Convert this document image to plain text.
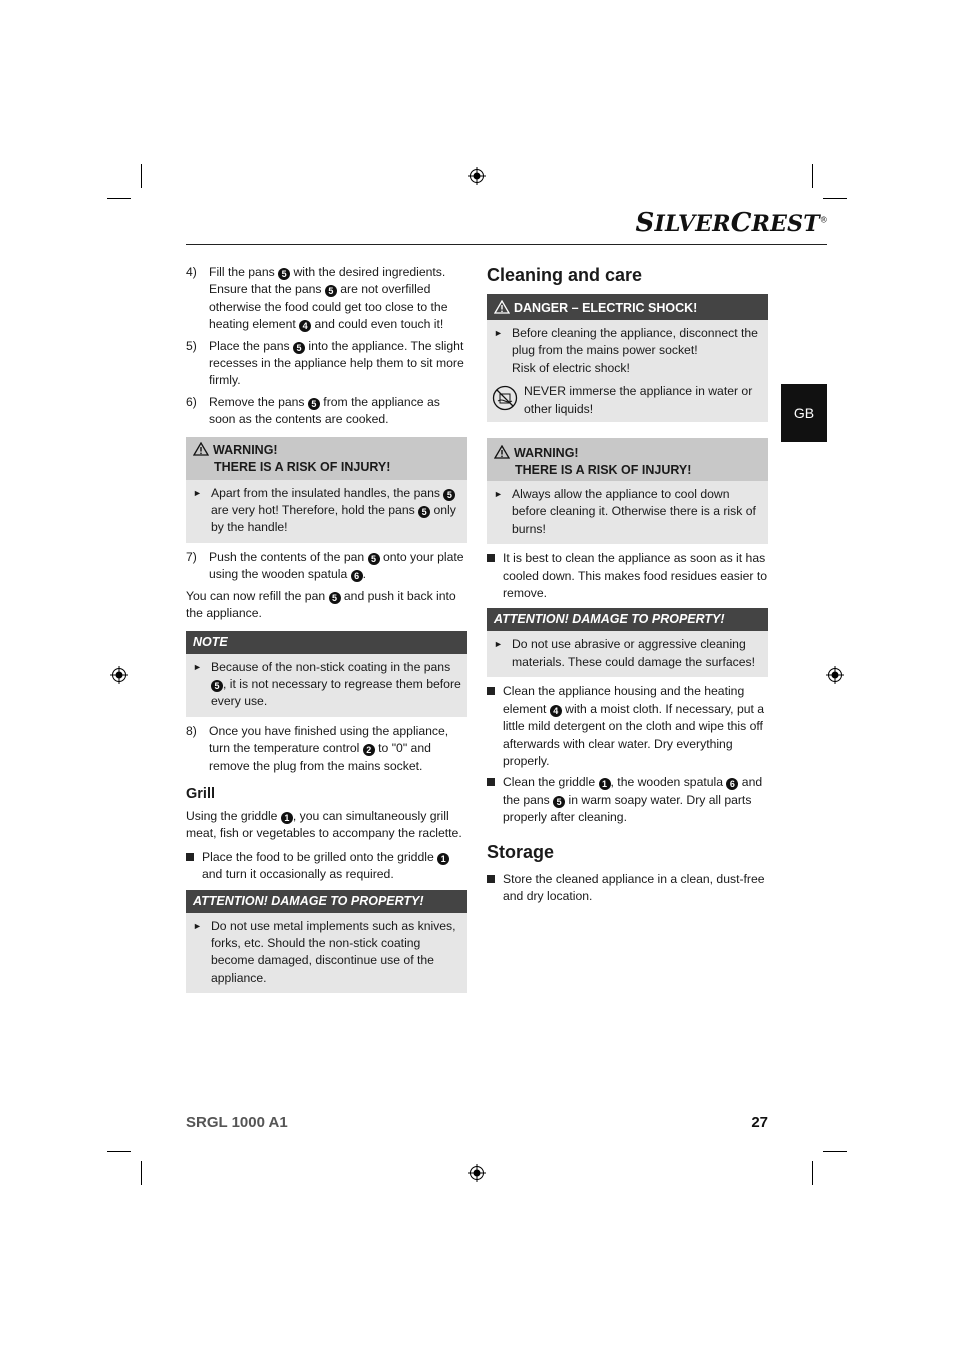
SILVERCREST®
GB
4) Fill the pans 5 with the desired ingredients. Ensure that the pans 5 are not overfilled otherwise the food could get too close to the heating element 4 and could even touch it!
5) Place the pans 5 into the appliance. The slight recesses in the appliance help them to sit more firmly.
6) Remove the pans 5 from the appliance as soon as the contents are cooked.
WARNING!
THERE IS A RISK OF INJURY!
► Apart from the insulated handles, the pans 5 are very hot! Therefore, hold the pans 5 only by the handle!
7) Push the contents of the pan 5 onto your plate using the wooden spatula 6 .
You can now refill the pan 5 and push it back into the appliance.
NOTE
► Because of the non-stick coating in the pans 5 , it is not necessary to regrease them before every use.
8) Once you have finished using the appliance, turn the temperature control 2 to "0" and remove the plug from the mains socket.
Grill
Using the griddle 1 , you can simultaneously grill meat, fish or vegetables to accompany the raclette.
Place the food to be grilled onto the griddle 1 and turn it occasionally as required.
ATTENTION! DAMAGE TO PROPERTY!
► Do not use metal implements such as knives, forks, etc. Should the non-stick coating become damaged, discontinue use of the appliance.
Cleaning and care
DANGER – ELECTRIC SHOCK!
► Before cleaning the appliance, disconnect the plug from the mains power socket!
Risk of electric shock!
NEVER immerse the appliance in water or other liquids!
WARNING!
THERE IS A RISK OF INJURY!
► Always allow the appliance to cool down before cleaning it. Otherwise there is a risk of burns!
It is best to clean the appliance as soon as it has cooled down. This makes food residues easier to remove.
ATTENTION! DAMAGE TO PROPERTY!
► Do not use abrasive or aggressive cleaning materials. These could damage the surfaces!
Clean the appliance housing and the heating element 4 with a moist cloth. If necessary, put a little mild detergent on the cloth and wipe this off afterwards with clear water. Dry everything properly.
Clean the griddle 1 , the wooden spatula 6 and the pans 5 in warm soapy water. Dry all parts properly after cleaning.
Storage
Store the cleaned appliance in a clean, dust-free and dry location.
SRGL 1000 A1	27
